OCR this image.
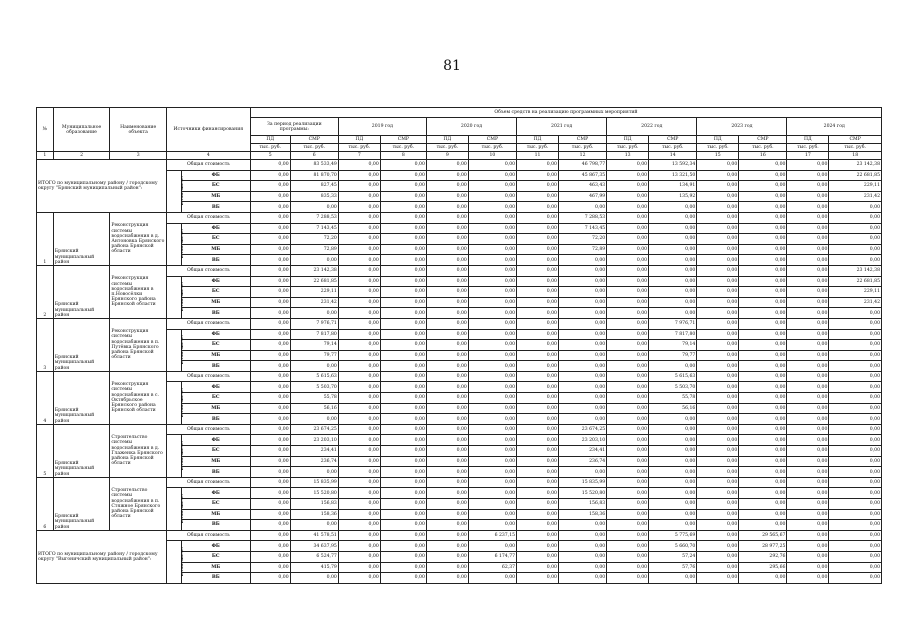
81
№	Муниципальное образование	Наименование объекта	Источники финансирования		Объем средств на реализацию программных мероприятий													
					За период реализации программы:		2019 год		2020 год		2021 год		2022 год		2023 год		2024 год	
					ПД	СМР	ПД	СМР	ПД	СМР	ПД	СМР	ПД	СМР	ПД	СМР	ПД	СМР
					тыс. руб.	тыс. руб.	тыс. руб.	тыс. руб.	тыс. руб.	тыс. руб.	тыс. руб.	тыс. руб.	тыс. руб.	тыс. руб.	тыс. руб.	тыс. руб.	тыс. руб.	тыс. руб.
1	2	3	4		5	6	7	8	9	10	11	12	13	14	15	16	17	18
ИТОГО по муниципальному району / городскому округу "Брянский муниципальный район":			Общая стоимость		0,00	83 533,49	0,00	0,00	0,00	0,00	0,00	46 798,77	0,00	13 592,34	0,00	0,00	0,00	23 142,38
			в том числе:	ФБ	0,00	81 870,70	0,00	0,00	0,00	0,00	0,00	45 867,35	0,00	13 321,50	0,00	0,00	0,00	22 681,85
				БС	0,00	827,45	0,00	0,00	0,00	0,00	0,00	463,43	0,00	134,91	0,00	0,00	0,00	229,11
				МБ	0,00	835,33	0,00	0,00	0,00	0,00	0,00	467,99	0,00	135,92	0,00	0,00	0,00	231,42
				ВБ	0,00	0,00	0,00	0,00	0,00	0,00	0,00	0,00	0,00	0,00	0,00	0,00	0,00	0,00
1	Брянский муниципальный район	Реконструкция системы водоснабжения в д. Антоновка Брянского района Брянской области	Общая стоимость		0,00	7 288,53	0,00	0,00	0,00	0,00	0,00	7 288,53	0,00	0,00	0,00	0,00	0,00	0,00
			в том числе:	ФБ	0,00	7 143,45	0,00	0,00	0,00	0,00	0,00	7 143,45	0,00	0,00	0,00	0,00	0,00	0,00
				БС	0,00	72,20	0,00	0,00	0,00	0,00	0,00	72,20	0,00	0,00	0,00	0,00	0,00	0,00
				МБ	0,00	72,89	0,00	0,00	0,00	0,00	0,00	72,89	0,00	0,00	0,00	0,00	0,00	0,00
				ВБ	0,00	0,00	0,00	0,00	0,00	0,00	0,00	0,00	0,00	0,00	0,00	0,00	0,00	0,00
2	Брянский муниципальный район	Реконструкция системы водоснабжения в п.Новосёлки Брянского района Брянской области	Общая стоимость		0,00	23 142,38	0,00	0,00	0,00	0,00	0,00	0,00	0,00	0,00	0,00	0,00	0,00	23 142,38
			в том числе:	ФБ	0,00	22 681,85	0,00	0,00	0,00	0,00	0,00	0,00	0,00	0,00	0,00	0,00	0,00	22 681,85
				БС	0,00	229,11	0,00	0,00	0,00	0,00	0,00	0,00	0,00	0,00	0,00	0,00	0,00	229,11
				МБ	0,00	231,42	0,00	0,00	0,00	0,00	0,00	0,00	0,00	0,00	0,00	0,00	0,00	231,42
				ВБ	0,00	0,00	0,00	0,00	0,00	0,00	0,00	0,00	0,00	0,00	0,00	0,00	0,00	0,00
3	Брянский муниципальный район	Реконструкция системы водоснабжения в п. Путёвка Брянского района Брянской области	Общая стоимость		0,00	7 976,71	0,00	0,00	0,00	0,00	0,00	0,00	0,00	7 976,71	0,00	0,00	0,00	0,00
			в том числе:	ФБ	0,00	7 817,80	0,00	0,00	0,00	0,00	0,00	0,00	0,00	7 817,80	0,00	0,00	0,00	0,00
				БС	0,00	79,14	0,00	0,00	0,00	0,00	0,00	0,00	0,00	79,14	0,00	0,00	0,00	0,00
				МБ	0,00	79,77	0,00	0,00	0,00	0,00	0,00	0,00	0,00	79,77	0,00	0,00	0,00	0,00
				ВБ	0,00	0,00	0,00	0,00	0,00	0,00	0,00	0,00	0,00	0,00	0,00	0,00	0,00	0,00
4	Брянский муниципальный район	Реконструкция системы водоснабжения в с. Октябрьское Брянского района Брянской области	Общая стоимость		0,00	5 615,63	0,00	0,00	0,00	0,00	0,00	0,00	0,00	5 615,63	0,00	0,00	0,00	0,00
			в том числе:	ФБ	0,00	5 503,70	0,00	0,00	0,00	0,00	0,00	0,00	0,00	5 503,70	0,00	0,00	0,00	0,00
				БС	0,00	55,78	0,00	0,00	0,00	0,00	0,00	0,00	0,00	55,78	0,00	0,00	0,00	0,00
				МБ	0,00	56,16	0,00	0,00	0,00	0,00	0,00	0,00	0,00	56,16	0,00	0,00	0,00	0,00
				ВБ	0,00	0,00	0,00	0,00	0,00	0,00	0,00	0,00	0,00	0,00	0,00	0,00	0,00	0,00
5	Брянский муниципальный район	Строительство системы водоснабжения в д. Глаженка Брянского района Брянской области	Общая стоимость		0,00	23 674,25	0,00	0,00	0,00	0,00	0,00	23 674,25	0,00	0,00	0,00	0,00	0,00	0,00
			в том числе:	ФБ	0,00	23 203,10	0,00	0,00	0,00	0,00	0,00	23 203,10	0,00	0,00	0,00	0,00	0,00	0,00
				БС	0,00	234,41	0,00	0,00	0,00	0,00	0,00	234,41	0,00	0,00	0,00	0,00	0,00	0,00
				МБ	0,00	236,74	0,00	0,00	0,00	0,00	0,00	236,74	0,00	0,00	0,00	0,00	0,00	0,00
				ВБ	0,00	0,00	0,00	0,00	0,00	0,00	0,00	0,00	0,00	0,00	0,00	0,00	0,00	0,00
6	Брянский муниципальный район	Строительство системы водоснабжения в п. Стяжное Брянского района Брянской области	Общая стоимость		0,00	15 835,99	0,00	0,00	0,00	0,00	0,00	15 835,99	0,00	0,00	0,00	0,00	0,00	0,00
			в том числе:	ФБ	0,00	15 520,80	0,00	0,00	0,00	0,00	0,00	15 520,80	0,00	0,00	0,00	0,00	0,00	0,00
				БС	0,00	156,83	0,00	0,00	0,00	0,00	0,00	156,83	0,00	0,00	0,00	0,00	0,00	0,00
				МБ	0,00	158,36	0,00	0,00	0,00	0,00	0,00	158,36	0,00	0,00	0,00	0,00	0,00	0,00
				ВБ	0,00	0,00	0,00	0,00	0,00	0,00	0,00	0,00	0,00	0,00	0,00	0,00	0,00	0,00
ИТОГО по муниципальному району / городскому округу "Выгоничский муниципальный район":			Общая стоимость		0,00	41 578,51	0,00	0,00	0,00	6 237,15	0,00	0,00	0,00	5 775,69	0,00	29 565,67	0,00	0,00
			в том числе:	ФБ	0,00	34 637,95	0,00	0,00	0,00	0,00	0,00	0,00	0,00	5 660,70	0,00	28 977,25	0,00	0,00
				БС	0,00	6 524,77	0,00	0,00	0,00	6 174,77	0,00	0,00	0,00	57,24	0,00	292,76	0,00	0,00
				МБ	0,00	415,79	0,00	0,00	0,00	62,37	0,00	0,00	0,00	57,76	0,00	295,66	0,00	0,00
				ВБ	0,00	0,00	0,00	0,00	0,00	0,00	0,00	0,00	0,00	0,00	0,00	0,00	0,00	0,00
